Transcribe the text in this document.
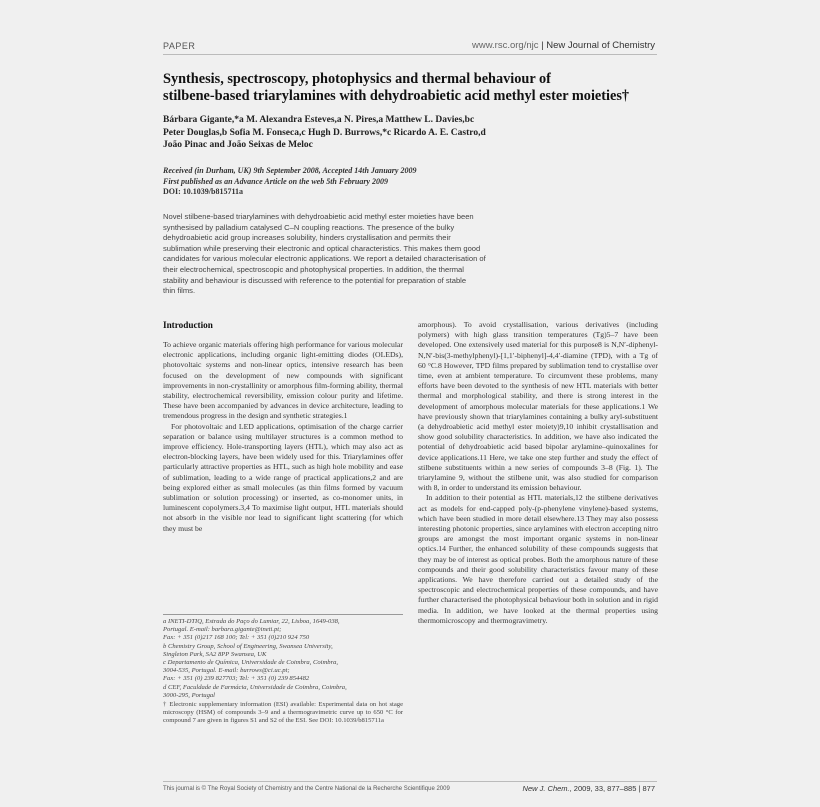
PAPER	www.rsc.org/njc | New Journal of Chemistry
Synthesis, spectroscopy, photophysics and thermal behaviour of
stilbene-based triarylamines with dehydroabietic acid methyl ester moieties†
Bárbara Gigante,*a M. Alexandra Esteves,a N. Pires,a Matthew L. Davies,bc
Peter Douglas,b Sofia M. Fonseca,c Hugh D. Burrows,*c Ricardo A. E. Castro,d
João Pinac and João Seixas de Meloc
Received (in Durham, UK) 9th September 2008, Accepted 14th January 2009
First published as an Advance Article on the web 5th February 2009
DOI: 10.1039/b815711a
Novel stilbene-based triarylamines with dehydroabietic acid methyl ester moieties have been
synthesised by palladium catalysed C–N coupling reactions. The presence of the bulky
dehydroabietic acid group increases solubility, hinders crystallisation and permits their
sublimation while preserving their electronic and optical characteristics. This makes them good
candidates for various molecular electronic applications. We report a detailed characterisation of
their electrochemical, spectroscopic and photophysical properties. In addition, the thermal
stability and behaviour is discussed with reference to the potential for preparation of stable
thin films.
Introduction

To achieve organic materials offering high performance for various molecular electronic applications, including organic light-emitting diodes (OLEDs), photovoltaic systems and non-linear optics, intensive research has been focused on the development of new compounds with significant improvements in non-crystallinity or amorphous film-forming ability, thermal stability, electrochemical reversibility, emission colour purity and lifetime. These have been accompanied by advances in device architecture, leading to tremendous progress in the design and synthetic strategies.1

For photovoltaic and LED applications, optimisation of the charge carrier separation or balance using multilayer structures is a common method to improve efficiency. Hole-transporting layers (HTL), which may also act as electron-blocking layers, have been widely used for this. Triarylamines offer particularly attractive properties as HTL, such as high hole mobility and ease of sublimation, leading to a wide range of practical applications,2 and are being explored either as small molecules (as thin films formed by vacuum sublimation or solution processing) or inserted, as co-monomer units, in luminescent copolymers.3,4 To maximise light output, HTL materials should not absorb in the visible nor lead to significant light scattering (for which they must be

amorphous). To avoid crystallisation, various derivatives (including polymers) with high glass transition temperatures (Tg)5–7 have been developed. One extensively used material for this purpose8 is N,N′-diphenyl-N,N′-bis(3-methylphenyl)-[1,1′-biphenyl]-4,4′-diamine (TPD), with a Tg of 60 °C.8 However, TPD films prepared by sublimation tend to crystallise over time, even at ambient temperature. To circumvent these problems, many efforts have been devoted to the synthesis of new HTL materials with better thermal and morphological stability, and there is strong interest in the development of amorphous molecular materials for these applications.1 We have previously shown that triarylamines containing a bulky aryl-substituent (a dehydroabietic acid methyl ester moiety)9,10 inhibit crystallisation and show good solubility characteristics. In addition, we have also indicated the potential of dehydroabietic acid based bipolar arylamine–quinoxalines for device applications.11 Here, we take one step further and study the effect of stilbene substituents within a new series of compounds 3–8 (Fig. 1). The triarylamine 9, without the stilbene unit, was also studied for comparison with 8, in order to understand its emission behaviour.

In addition to their potential as HTL materials,12 the stilbene derivatives act as models for end-capped poly-(p-phenylene vinylene)-based systems, which have been studied in more detail elsewhere.13 They may also possess interesting photonic properties, since arylamines with electron accepting nitro groups are amongst the most important organic systems in non-linear optics.14 Further, the enhanced solubility of these compounds suggests that they may be of interest as optical probes. Both the amorphous nature of these compounds and their good solubility characteristics favour many of these applications. We have therefore carried out a detailed study of the spectroscopic and electrochemical properties of these compounds, and have further characterised the photophysical behaviour both in solution and in rigid media. In addition, we have looked at the thermal properties using thermomicroscopy and thermogravimetry.

a INETI-DTIQ, Estrada do Paço do Lumiar, 22, Lisboa, 1649-038,
Portugal. E-mail: barbara.gigante@ineti.pt;
Fax: + 351 (0)217 168 100; Tel: + 351 (0)210 924 750
b Chemistry Group, School of Engineering, Swansea University,
Singleton Park, SA2 8PP Swansea, UK
c Departamento de Química, Universidade de Coimbra, Coimbra,
3004-535, Portugal. E-mail: burrows@ci.uc.pt;
Fax: + 351 (0) 239 827703; Tel: + 351 (0) 239 854482
d CEF, Faculdade de Farmácia, Universidade de Coimbra, Coimbra,
3000-295, Portugal
† Electronic supplementary information (ESI) available: Experimental data on hot stage microscopy (HSM) of compounds 3–9 and a thermogravimetric curve up to 650 °C for compound 7 are given in figures S1 and S2 of the ESI. See DOI: 10.1039/b815711a
This journal is © The Royal Society of Chemistry and the Centre National de la Recherche Scientifique 2009	New J. Chem., 2009, 33, 877–885 | 877
